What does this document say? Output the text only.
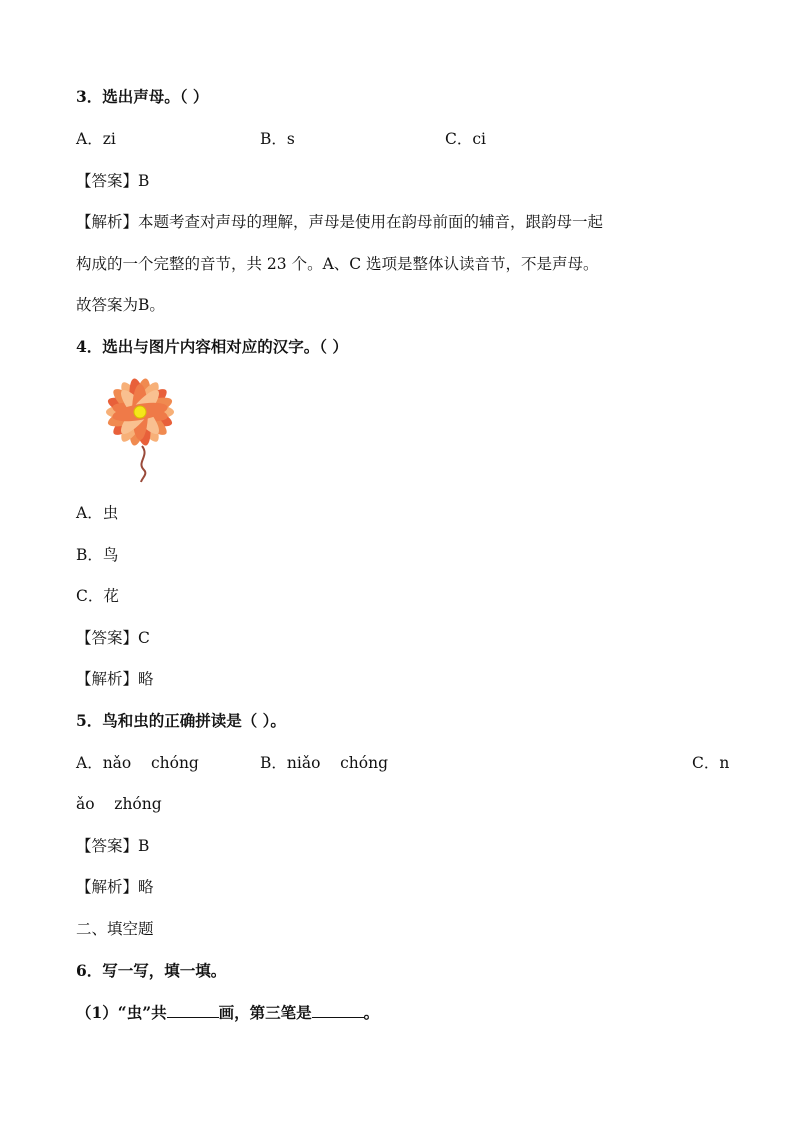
3．选出声母。（ ）
A．zi	B．s	C．ci
【答案】B
【解析】本题考查对声母的理解，声母是使用在韵母前面的辅音，跟韵母一起
构成的一个完整的音节，共 23 个。A、C 选项是整体认读音节，不是声母。
故答案为B。
4．选出与图片内容相对应的汉字。（ ）
A．虫
B．鸟
C．花
【答案】C
【解析】略
5．鸟和虫的正确拼读是（ ）。
A．nǎo    chóng	B．niǎo    chóng	C．n
ǎo    zhóng
【答案】B
【解析】略
二、填空题
6．写一写，填一填。
（1）“虫”共	画，第三笔是	。
